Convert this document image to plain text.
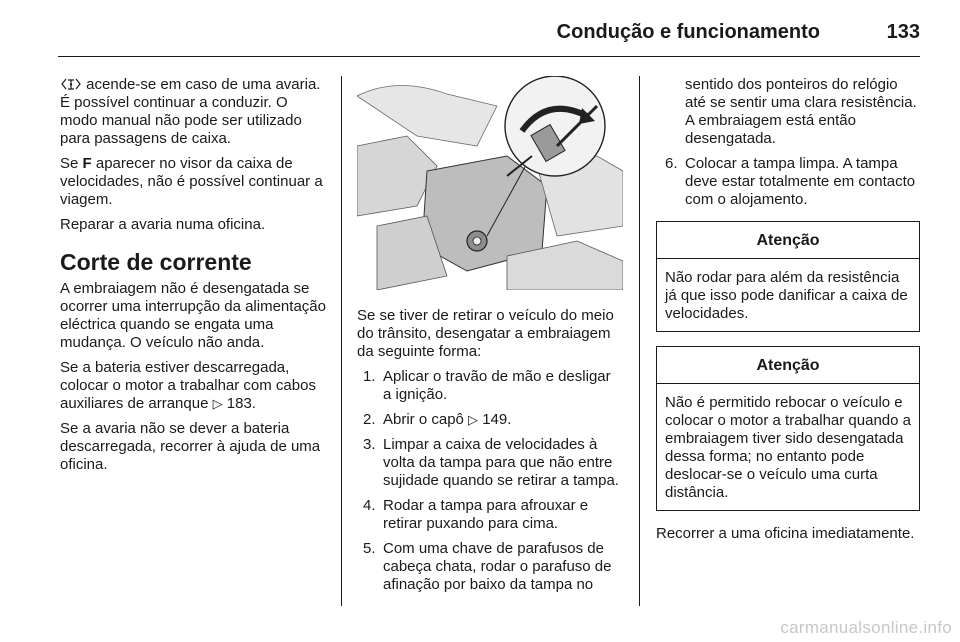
Condução e funcionamento	133

acende-se em caso de uma avaria. É possível continuar a conduzir. O modo manual não pode ser utilizado para passagens de caixa.

Se F aparecer no visor da caixa de velocidades, não é possível continuar a viagem.

Reparar a avaria numa oficina.

Corte de corrente

A embraiagem não é desengatada se ocorrer uma interrupção da alimentação eléctrica quando se engata uma mudança. O veículo não anda.

Se a bateria estiver descarregada, colocar o motor a trabalhar com cabos auxiliares de arranque ▷ 183.

Se a avaria não se dever a bateria descarregada, recorrer à ajuda de uma oficina.

Se se tiver de retirar o veículo do meio do trânsito, desengatar a embraiagem da seguinte forma:

1. Aplicar o travão de mão e desligar a ignição.
2. Abrir o capô ▷ 149.
3. Limpar a caixa de velocidades à volta da tampa para que não entre sujidade quando se retirar a tampa.
4. Rodar a tampa para afrouxar e retirar puxando para cima.
5. Com uma chave de parafusos de cabeça chata, rodar o parafuso de afinação por baixo da tampa no
sentido dos ponteiros do relógio até se sentir uma clara resistência. A embraiagem está então desengatada.
6. Colocar a tampa limpa. A tampa deve estar totalmente em contacto com o alojamento.
Atenção
Não rodar para além da resistência já que isso pode danificar a caixa de velocidades.
Atenção
Não é permitido rebocar o veículo e colocar o motor a trabalhar quando a embraiagem tiver sido desengatada dessa forma; no entanto pode deslocar-se o veículo uma curta distância.

Recorrer a uma oficina imediatamente.

carmanualsonline.info
